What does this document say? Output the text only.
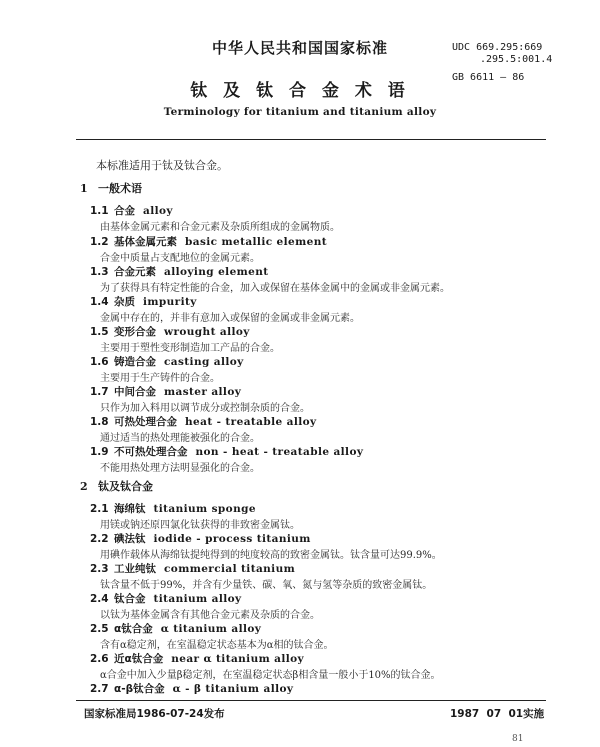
中华人民共和国国家标准	UDC 669.295:669
.295.5:001.4
GB 6611 — 86
钛 及 钛 合 金 术 语
Terminology for titanium and titanium alloy
本标准适用于钛及钛合金。
1 一般术语
1.1 合金 alloy
由基体金属元素和合金元素及杂质所组成的金属物质。
1.2 基体金属元素 basic metallic element
合金中质量占支配地位的金属元素。
1.3 合金元素 alloying element
为了获得具有特定性能的合金，加入或保留在基体金属中的金属或非金属元素。
1.4 杂质 impurity
金属中存在的，并非有意加入或保留的金属或非金属元素。
1.5 变形合金 wrought alloy
主要用于塑性变形制造加工产品的合金。
1.6 铸造合金 casting alloy
主要用于生产铸件的合金。
1.7 中间合金 master alloy
只作为加入料用以调节成分或控制杂质的合金。
1.8 可热处理合金 heat - treatable alloy
通过适当的热处理能被强化的合金。
1.9 不可热处理合金 non - heat - treatable alloy
不能用热处理方法明显强化的合金。
2 钛及钛合金
2.1 海绵钛 titanium sponge
用镁或钠还原四氯化钛获得的非致密金属钛。
2.2 碘法钛 iodide - process titanium
用碘作载体从海绵钛提纯得到的纯度较高的致密金属钛。钛含量可达99.9%。
2.3 工业纯钛 commercial titanium
钛含量不低于99%，并含有少量铁、碳、氧、氮与氢等杂质的致密金属钛。
2.4 钛合金 titanium alloy
以钛为基体金属含有其他合金元素及杂质的合金。
2.5 α钛合金 α titanium alloy
含有α稳定剂，在室温稳定状态基本为α相的钛合金。
2.6 近α钛合金 near α titanium alloy
α合金中加入少量β稳定剂，在室温稳定状态β相含量一般小于10%的钛合金。
2.7 α-β钛合金 α - β titanium alloy
国家标准局1986-07-24发布	1987  07  01实施
81
